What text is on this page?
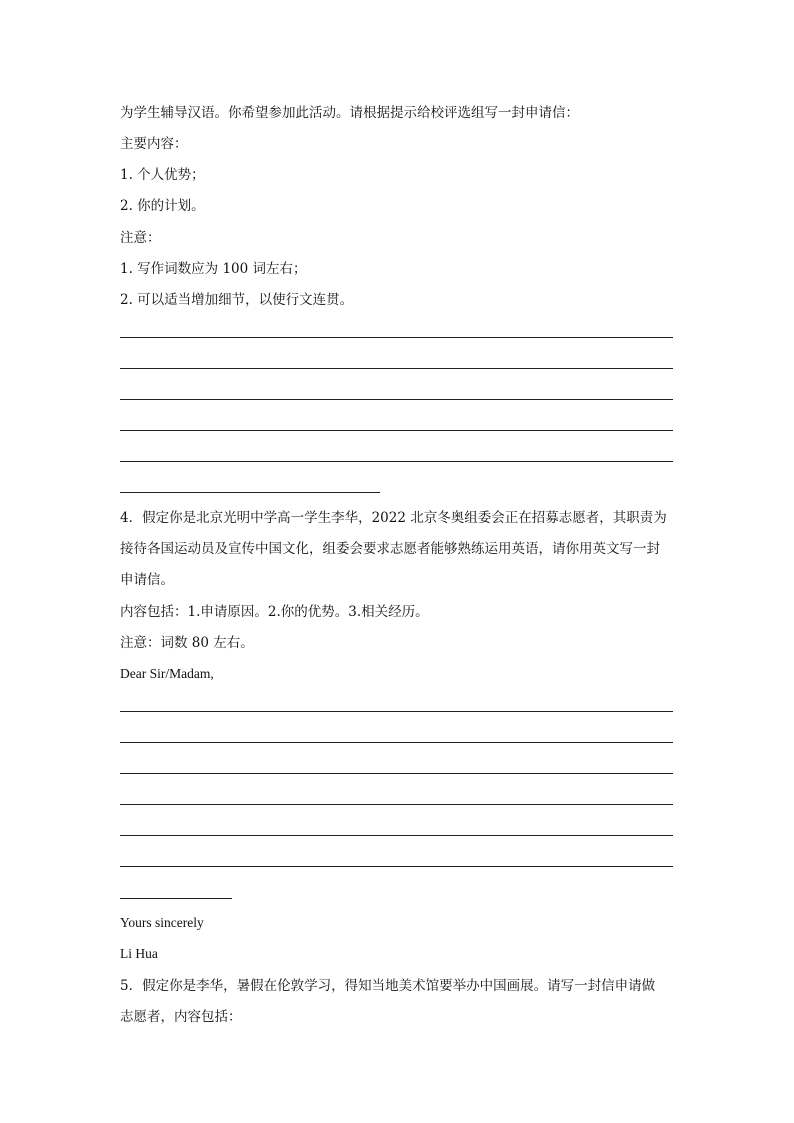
为学生辅导汉语。你希望参加此活动。请根据提示给校评选组写一封申请信：
主要内容：
1. 个人优势；
2. 你的计划。
注意：
1. 写作词数应为 100 词左右；
2. 可以适当增加细节，以使行文连贯。
4．假定你是北京光明中学高一学生李华，2022 北京冬奥组委会正在招募志愿者，其职责为
接待各国运动员及宣传中国文化，组委会要求志愿者能够熟练运用英语，请你用英文写一封
申请信。
内容包括：1.申请原因。2.你的优势。3.相关经历。
注意：词数 80 左右。
Dear Sir/Madam,
Yours sincerely
Li Hua
5．假定你是李华，暑假在伦敦学习，得知当地美术馆要举办中国画展。请写一封信申请做
志愿者，内容包括：
